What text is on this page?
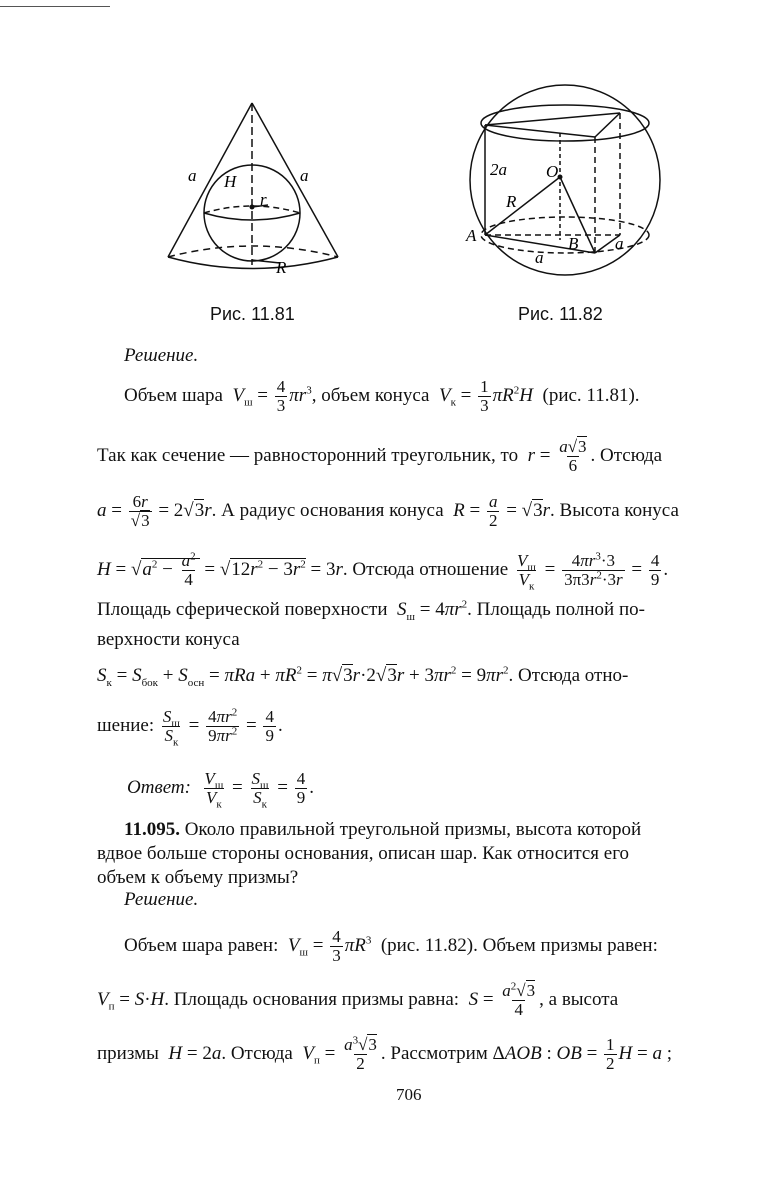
a	a
H
r
R
2a O
R
A	B
a
a
Рис. 11.81	Рис. 11.82
Решение.
Объем шара  $V_ш = \frac{4}{3} \pi r^3$, объем конуса  $V_к = \frac{1}{3} \pi R^2H$ (рис. 11.81).
Так как сечение — равносторонний треугольник, то  $r = \frac{a√3}{6}$ . Отсюда
$a = \frac{6r}{√3} = 2√3r$. А радиус основания конуса  $R = \frac{a}{2} = √3r$. Высота конуса
$H = √a^2 - \frac{a^2}{4} = √12r^2 - 3r^2 = 3r$. Отсюда отношение $\frac{V_ш}{V_к} = \frac{4\pi r^3\cdot 3}{3\pi 3r^2\cdot 3r} = \frac{4}{9}$ .
Площадь сферической поверхности  $S_ш = 4\pi r^2$. Площадь полной по-
верхности конуса
$S_к = S_{бок} + S_{осн} = \pi Ra + \pi R^2 = \pi√3r\cdot 2√3r + 3\pi r^2 = 9\pi r^2$. Отсюда отно-
шение: $\frac{S_ш}{S_к} = \frac{4\pi r^2}{9\pi r^2} = \frac{4}{9}$ .
Ответ: $\frac{V_ш}{V_к} = \frac{S_ш}{S_к} = \frac{4}{9}$ .
11.095. Около правильной треугольной призмы, высота которой
вдвое больше стороны основания, описан шар. Как относится его
объем к объему призмы?
Решение.
Объем шара равен:  $V_ш = \frac{4}{3} \pi R^3$ (рис. 11.82). Объем призмы равен:
$V_п = S\cdot H$. Площадь основания призмы равна:  $S = \frac{a^2√3}{4}$ , а высота
призмы  H = 2a. Отсюда  $V_п = \frac{a^3√3}{2}$ . Рассмотрим ΔAOB : OB = $\frac{1}{2}$ H = a ;
706
